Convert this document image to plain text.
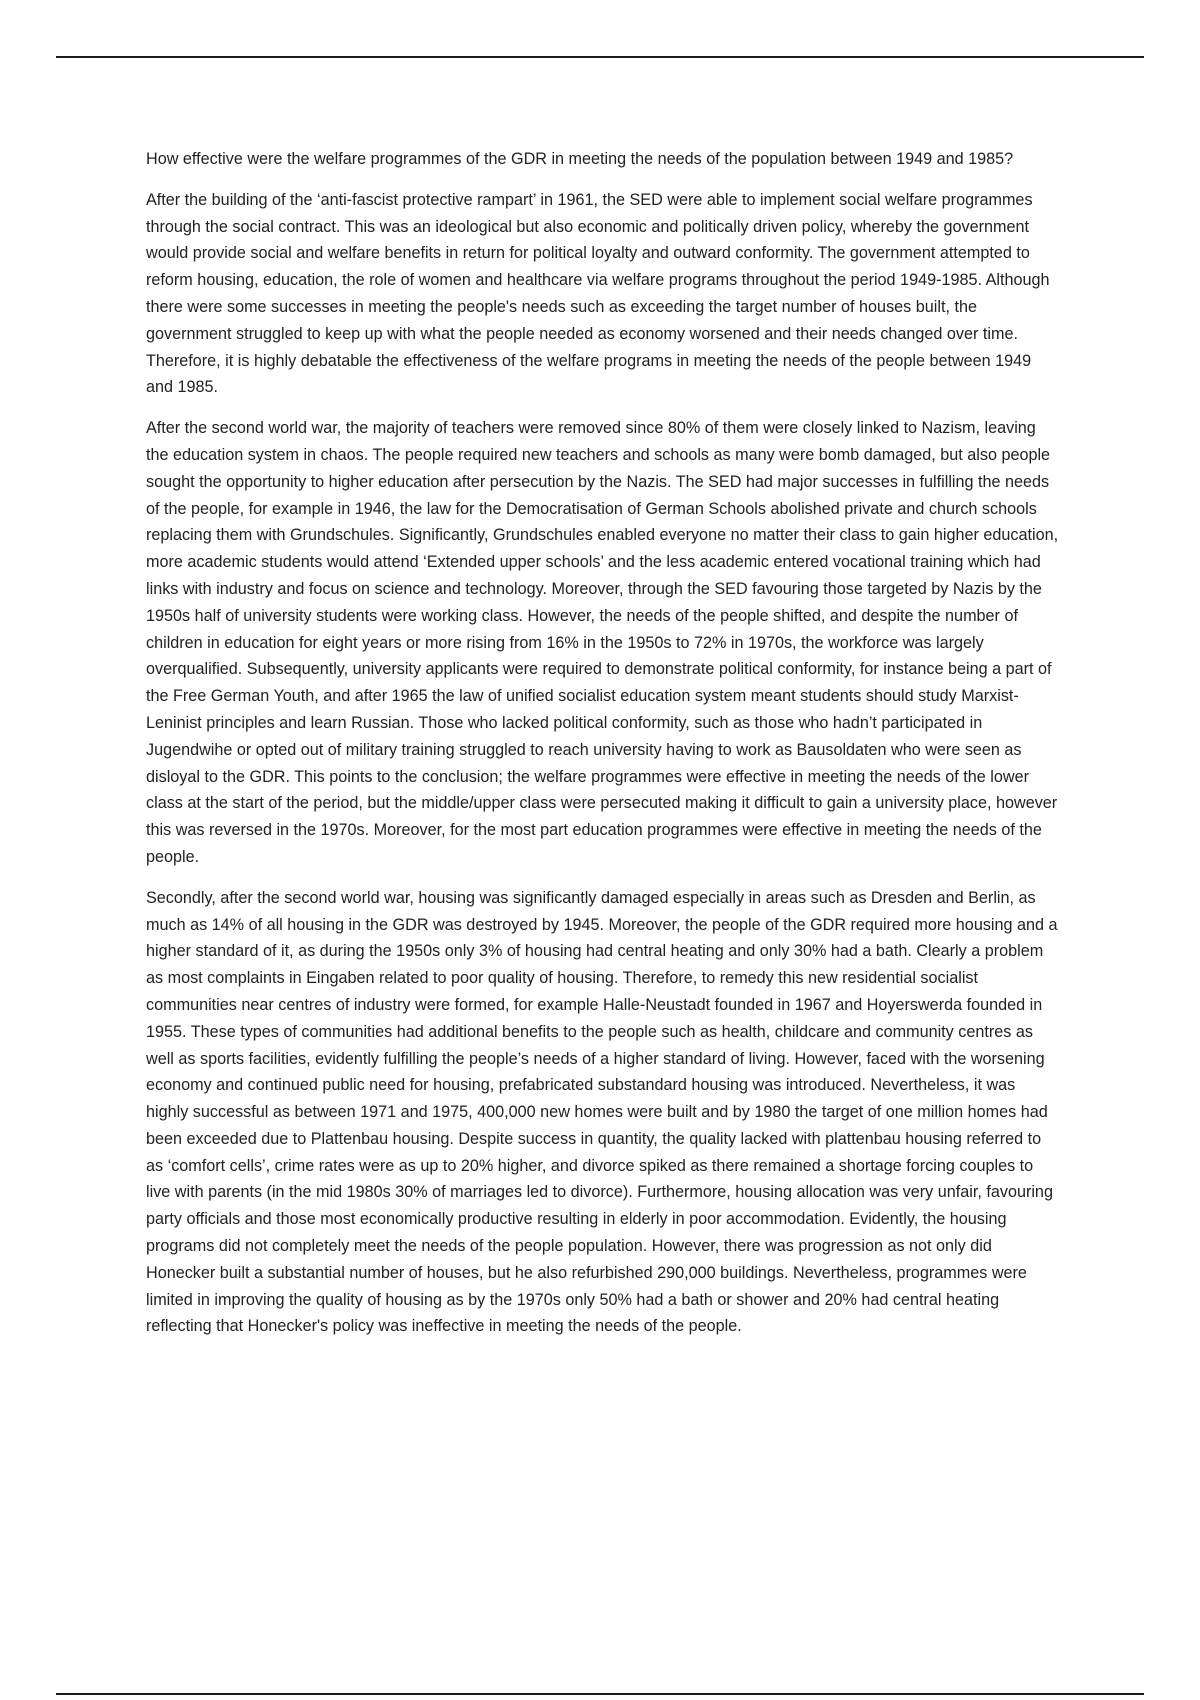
How effective were the welfare programmes of the GDR in meeting the needs of the population between 1949 and 1985?

After the building of the ‘anti-fascist protective rampart’ in 1961, the SED were able to implement social welfare programmes through the social contract. This was an ideological but also economic and politically driven policy, whereby the government would provide social and welfare benefits in return for political loyalty and outward conformity. The government attempted to reform housing, education, the role of women and healthcare via welfare programs throughout the period 1949-1985. Although there were some successes in meeting the people's needs such as exceeding the target number of houses built, the government struggled to keep up with what the people needed as economy worsened and their needs changed over time. Therefore, it is highly debatable the effectiveness of the welfare programs in meeting the needs of the people between 1949 and 1985.

After the second world war, the majority of teachers were removed since 80% of them were closely linked to Nazism, leaving the education system in chaos. The people required new teachers and schools as many were bomb damaged, but also people sought the opportunity to higher education after persecution by the Nazis. The SED had major successes in fulfilling the needs of the people, for example in 1946, the law for the Democratisation of German Schools abolished private and church schools replacing them with Grundschules. Significantly, Grundschules enabled everyone no matter their class to gain higher education, more academic students would attend ‘Extended upper schools’ and the less academic entered vocational training which had links with industry and focus on science and technology. Moreover, through the SED favouring those targeted by Nazis by the 1950s half of university students were working class. However, the needs of the people shifted, and despite the number of children in education for eight years or more rising from 16% in the 1950s to 72% in 1970s, the workforce was largely overqualified. Subsequently, university applicants were required to demonstrate political conformity, for instance being a part of the Free German Youth, and after 1965 the law of unified socialist education system meant students should study Marxist-Leninist principles and learn Russian. Those who lacked political conformity, such as those who hadn’t participated in Jugendwihe or opted out of military training struggled to reach university having to work as Bausoldaten who were seen as disloyal to the GDR. This points to the conclusion; the welfare programmes were effective in meeting the needs of the lower class at the start of the period, but the middle/upper class were persecuted making it difficult to gain a university place, however this was reversed in the 1970s. Moreover, for the most part education programmes were effective in meeting the needs of the people.

Secondly, after the second world war, housing was significantly damaged especially in areas such as Dresden and Berlin, as much as 14% of all housing in the GDR was destroyed by 1945. Moreover, the people of the GDR required more housing and a higher standard of it, as during the 1950s only 3% of housing had central heating and only 30% had a bath. Clearly a problem as most complaints in Eingaben related to poor quality of housing. Therefore, to remedy this new residential socialist communities near centres of industry were formed, for example Halle-Neustadt founded in 1967 and Hoyerswerda founded in 1955. These types of communities had additional benefits to the people such as health, childcare and community centres as well as sports facilities, evidently fulfilling the people’s needs of a higher standard of living. However, faced with the worsening economy and continued public need for housing, prefabricated substandard housing was introduced. Nevertheless, it was highly successful as between 1971 and 1975, 400,000 new homes were built and by 1980 the target of one million homes had been exceeded due to Plattenbau housing. Despite success in quantity, the quality lacked with plattenbau housing referred to as ‘comfort cells’, crime rates were as up to 20% higher, and divorce spiked as there remained a shortage forcing couples to live with parents (in the mid 1980s 30% of marriages led to divorce). Furthermore, housing allocation was very unfair, favouring party officials and those most economically productive resulting in elderly in poor accommodation. Evidently, the housing programs did not completely meet the needs of the people population. However, there was progression as not only did Honecker built a substantial number of houses, but he also refurbished 290,000 buildings. Nevertheless, programmes were limited in improving the quality of housing as by the 1970s only 50% had a bath or shower and 20% had central heating reflecting that Honecker's policy was ineffective in meeting the needs of the people.
